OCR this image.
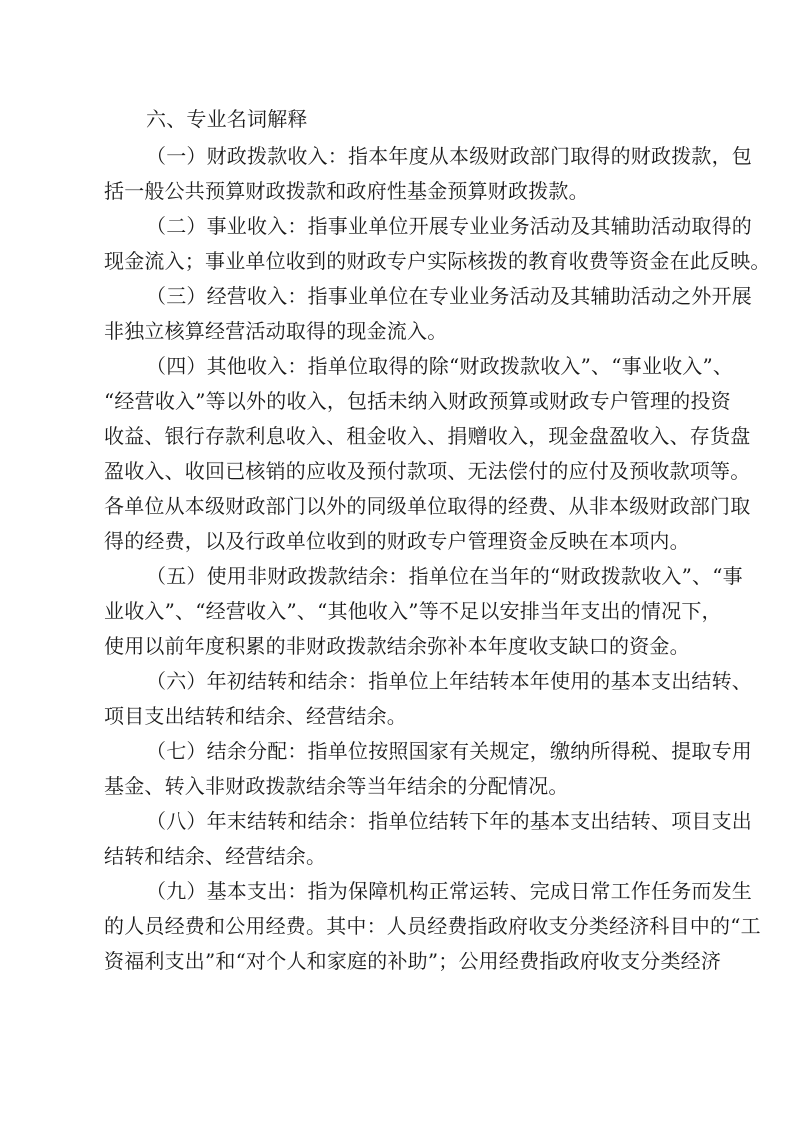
六、专业名词解释
（一）财政拨款收入：指本年度从本级财政部门取得的财政拨款，包
括一般公共预算财政拨款和政府性基金预算财政拨款。
（二）事业收入：指事业单位开展专业业务活动及其辅助活动取得的
现金流入；事业单位收到的财政专户实际核拨的教育收费等资金在此反映。
（三）经营收入：指事业单位在专业业务活动及其辅助活动之外开展
非独立核算经营活动取得的现金流入。
（四）其他收入：指单位取得的除“财政拨款收入”、“事业收入”、
“经营收入”等以外的收入，包括未纳入财政预算或财政专户管理的投资
收益、银行存款利息收入、租金收入、捐赠收入，现金盘盈收入、存货盘
盈收入、收回已核销的应收及预付款项、无法偿付的应付及预收款项等。
各单位从本级财政部门以外的同级单位取得的经费、从非本级财政部门取
得的经费，以及行政单位收到的财政专户管理资金反映在本项内。
（五）使用非财政拨款结余：指单位在当年的“财政拨款收入”、“事
业收入”、“经营收入”、“其他收入”等不足以安排当年支出的情况下，
使用以前年度积累的非财政拨款结余弥补本年度收支缺口的资金。
（六）年初结转和结余：指单位上年结转本年使用的基本支出结转、
项目支出结转和结余、经营结余。
（七）结余分配：指单位按照国家有关规定，缴纳所得税、提取专用
基金、转入非财政拨款结余等当年结余的分配情况。
（八）年末结转和结余：指单位结转下年的基本支出结转、项目支出
结转和结余、经营结余。
（九）基本支出：指为保障机构正常运转、完成日常工作任务而发生
的人员经费和公用经费。其中：人员经费指政府收支分类经济科目中的“工
资福利支出”和“对个人和家庭的补助”；公用经费指政府收支分类经济
